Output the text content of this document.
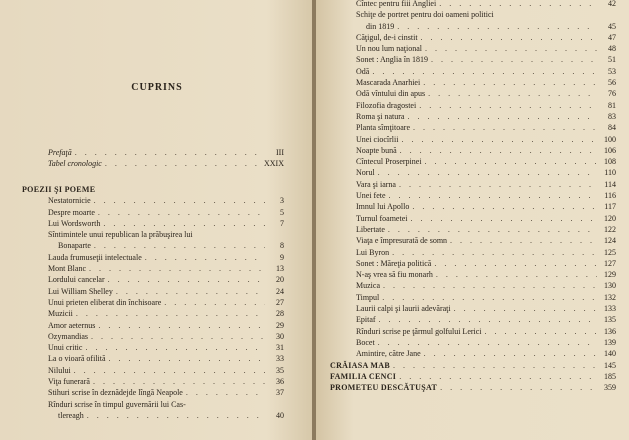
CUPRINS
Prefaţă . . .	III
Tabel cronologic . . .	XXIX
POEZII ŞI POEME
Nestatornicie . . .	3
Despre moarte . . .	5
Lui Wordsworth . . .	7
Sîntimintele unui republican la prăbuşirea lui
Bonaparte . . .	8
Lauda frumuseţii intelectuale . . .	9
Mont Blanc . . .	13
Lordului cancelar . . .	20
Lui William Shelley . . .	24
Unui prieten eliberat din închisoare . . .	27
Muzicii . . .	28
Amor aeternus . . .	29
Ozymandias . . .	30
Unui critic . . .	31
La o vioară ofilită . . .	33
Nilului . . .	35
Viţa funerară . . .	36
Stihuri scrise în deznădejde lîngă Neapole . . .	37
Rînduri scrise în timpul guvernării lui Cas-
tlereagh . . .	40
Cîntec pentru fiii Angliei . . .	42
Schiţe de portret pentru doi oameni politici
din 1819 . . .	45
Căţigul, de-i cinstit . . .	47
Un nou lum naţional . . .	48
Sonet : Anglia în 1819 . . .	51
Odă . . .	53
Mascarada Anarhiei . . .	56
Odă vîntului din apus . . .	76
Filozofia dragostei . . .	81
Roma şi natura . . .	83
Planta sîmţitoare . . .	84
Unei ciocîrlii . . .	100
Noapte bună . . .	106
Cîntecul Proserpinei . . .	108
Norul . . .	110
Vara şi iarna . . .	114
Unei fete . . .	116
Imnul lui Apollo . . .	117
Turnul foametei . . .	120
Libertate . . .	122
Viaţa e împresurată de somn . . .	124
Lui Byron . . .	125
Sonet : Măreţia politică . . .	127
N-aş vrea să fiu monarh . . .	129
Muzica . . .	130
Timpul . . .	132
Laurii calpi şi laurii adevăraţi . . .	133
Epitaf . . .	135
Rînduri scrise pe ţărmul golfului Lerici . . .	136
Bocet . . .	139
Amintire, către Jane . . .	140
CRĂIASA MAB . . .	145
FAMILIA CENCI . . .	185
PROMETEU DESCĂTUŞAT . . .	359
